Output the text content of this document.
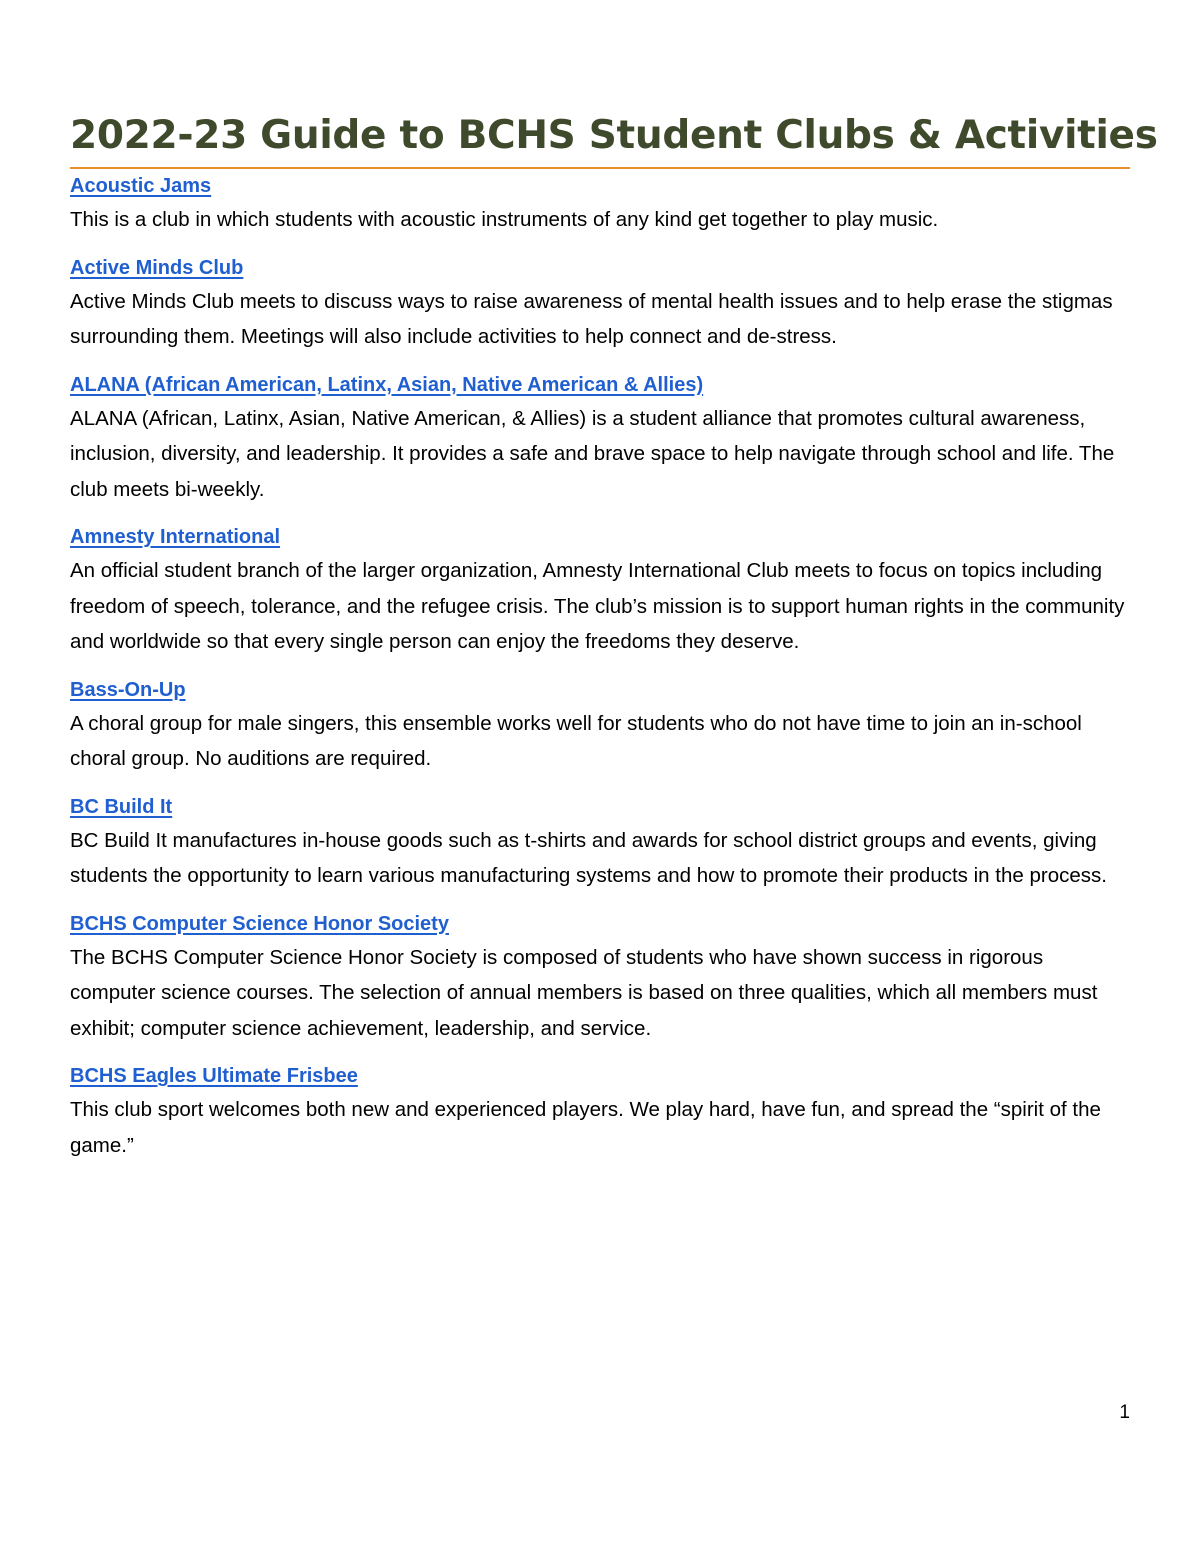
2022-23 Guide to BCHS Student Clubs & Activities
Acoustic Jams
This is a club in which students with acoustic instruments of any kind get together to play music.
Active Minds Club
Active Minds Club meets to discuss ways to raise awareness of mental health issues and to help erase the stigmas surrounding them. Meetings will also include activities to help connect and de-stress.
ALANA (African American, Latinx, Asian, Native American & Allies)
ALANA (African, Latinx, Asian, Native American, & Allies) is a student alliance that promotes cultural awareness, inclusion, diversity, and leadership. It provides a safe and brave space to help navigate through school and life. The club meets bi-weekly.
Amnesty International
An official student branch of the larger organization, Amnesty International Club meets to focus on topics including freedom of speech, tolerance, and the refugee crisis. The club’s mission is to support human rights in the community and worldwide so that every single person can enjoy the freedoms they deserve.
Bass-On-Up
A choral group for male singers, this ensemble works well for students who do not have time to join an in-school choral group. No auditions are required.
BC Build It
BC Build It manufactures in-house goods such as t-shirts and awards for school district groups and events, giving students the opportunity to learn various manufacturing systems and how to promote their products in the process.
BCHS Computer Science Honor Society
The BCHS Computer Science Honor Society is composed of students who have shown success in rigorous computer science courses. The selection of annual members is based on three qualities, which all members must exhibit; computer science achievement, leadership, and service.
BCHS Eagles Ultimate Frisbee
This club sport welcomes both new and experienced players. We play hard, have fun, and spread the “spirit of the game.”
1
